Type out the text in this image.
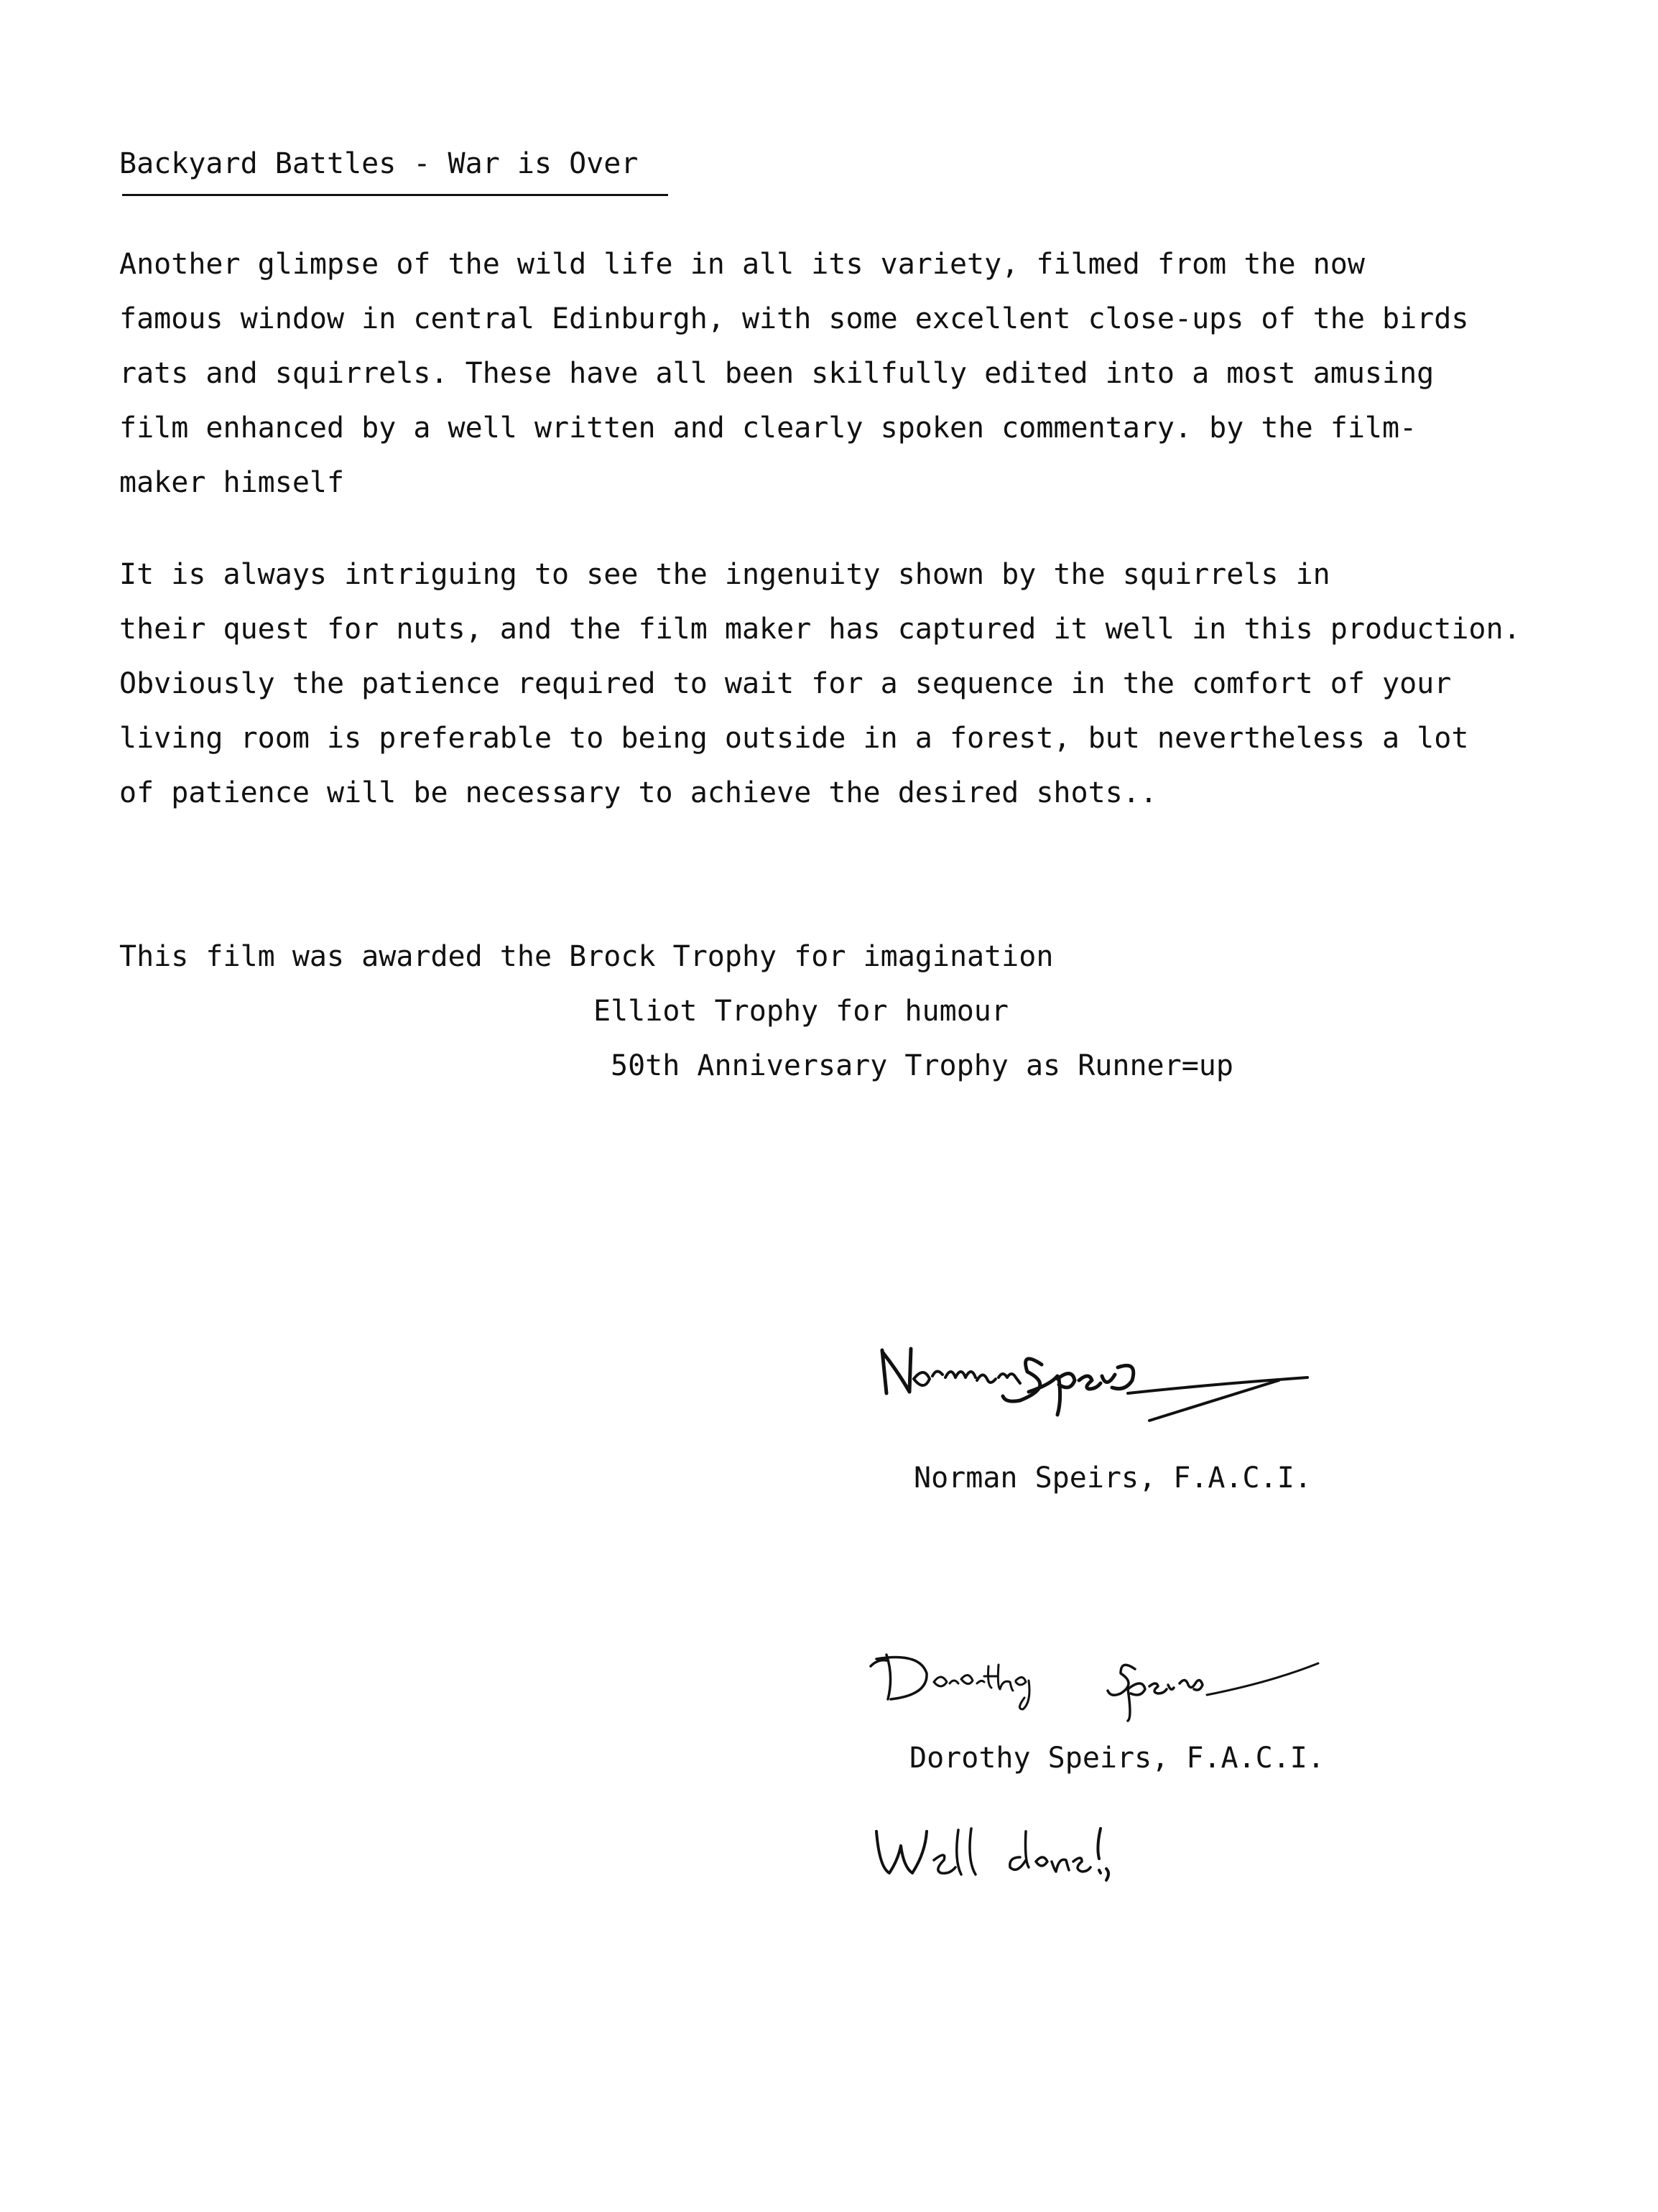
Backyard Battles - War is Over
Another glimpse of the wild life in all its variety, filmed from the now
famous window in central Edinburgh, with some excellent close-ups of the birds
rats and squirrels. These have all been skilfully edited into a most amusing
film enhanced by a well written and clearly spoken commentary. by the film-
maker himself
It is always intriguing to see the ingenuity shown by the squirrels in
their quest for nuts, and the film maker has captured it well in this production.
Obviously the patience required to wait for a sequence in the comfort of your
living room is preferable to being outside in a forest, but nevertheless a lot
of patience will be necessary to achieve the desired shots..
This film was awarded the Brock Trophy for imagination
Elliot Trophy for humour
50th Anniversary Trophy as Runner=up
Norman Speirs, F.A.C.I.
Dorothy Speirs, F.A.C.I.
